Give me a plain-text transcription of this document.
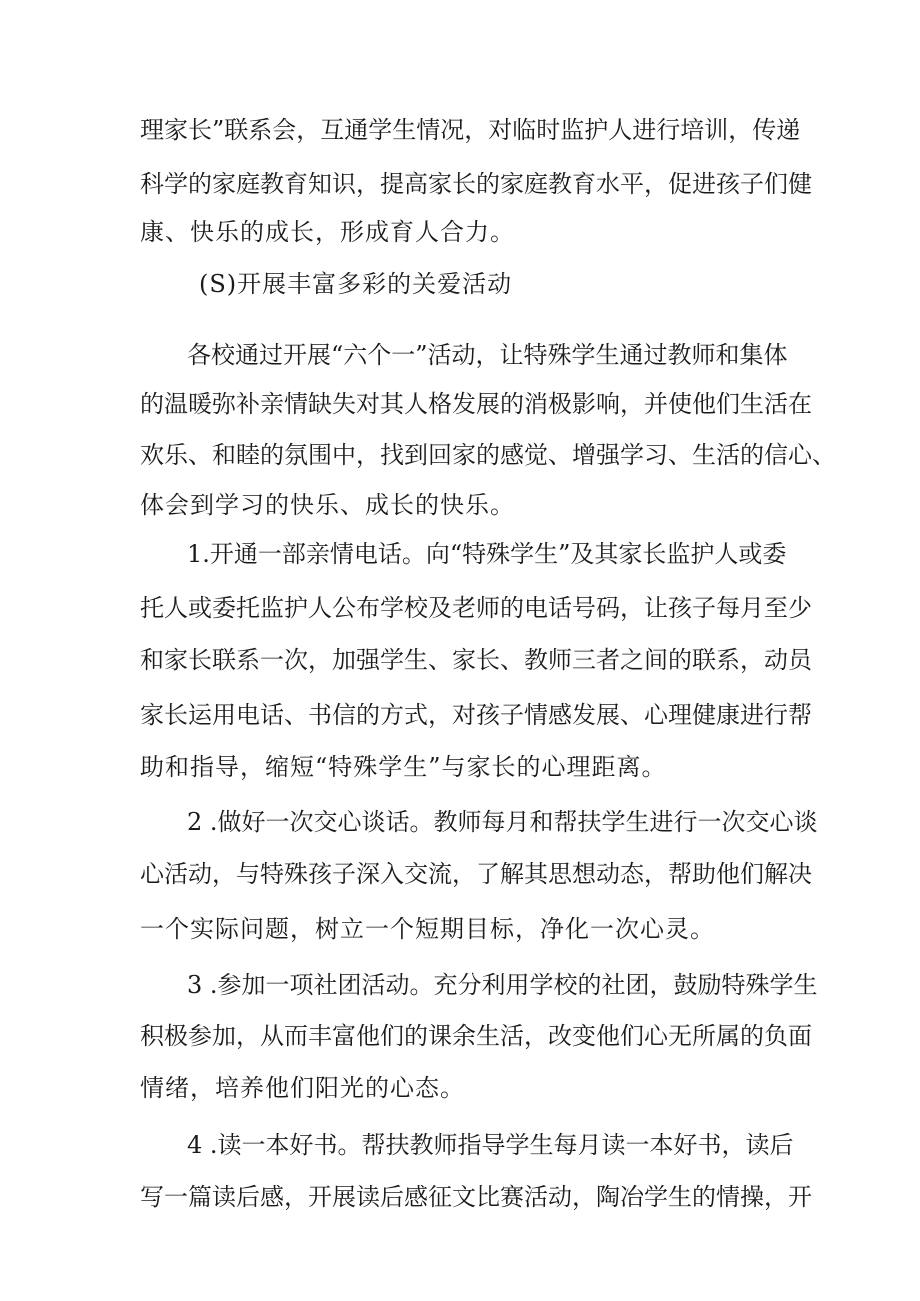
理家长”联系会，互通学生情况，对临时监护人进行培训，传递
科学的家庭教育知识，提高家长的家庭教育水平，促进孩子们健
康、快乐的成长，形成育人合力。
(S)开展丰富多彩的关爱活动
各校通过开展“六个一”活动，让特殊学生通过教师和集体
的温暖弥补亲情缺失对其人格发展的消极影响，并使他们生活在
欢乐、和睦的氛围中，找到回家的感觉、增强学习、生活的信心、
体会到学习的快乐、成长的快乐。
1.开通一部亲情电话。向“特殊学生”及其家长监护人或委
托人或委托监护人公布学校及老师的电话号码，让孩子每月至少
和家长联系一次，加强学生、家长、教师三者之间的联系，动员
家长运用电话、书信的方式，对孩子情感发展、心理健康进行帮
助和指导，缩短“特殊学生”与家长的心理距离。
2 .做好一次交心谈话。教师每月和帮扶学生进行一次交心谈
心活动，与特殊孩子深入交流，了解其思想动态，帮助他们解决
一个实际问题，树立一个短期目标，净化一次心灵。
3 .参加一项社团活动。充分利用学校的社团，鼓励特殊学生
积极参加，从而丰富他们的课余生活，改变他们心无所属的负面
情绪，培养他们阳光的心态。
4 .读一本好书。帮扶教师指导学生每月读一本好书，读后
写一篇读后感，开展读后感征文比赛活动，陶冶学生的情操，开
